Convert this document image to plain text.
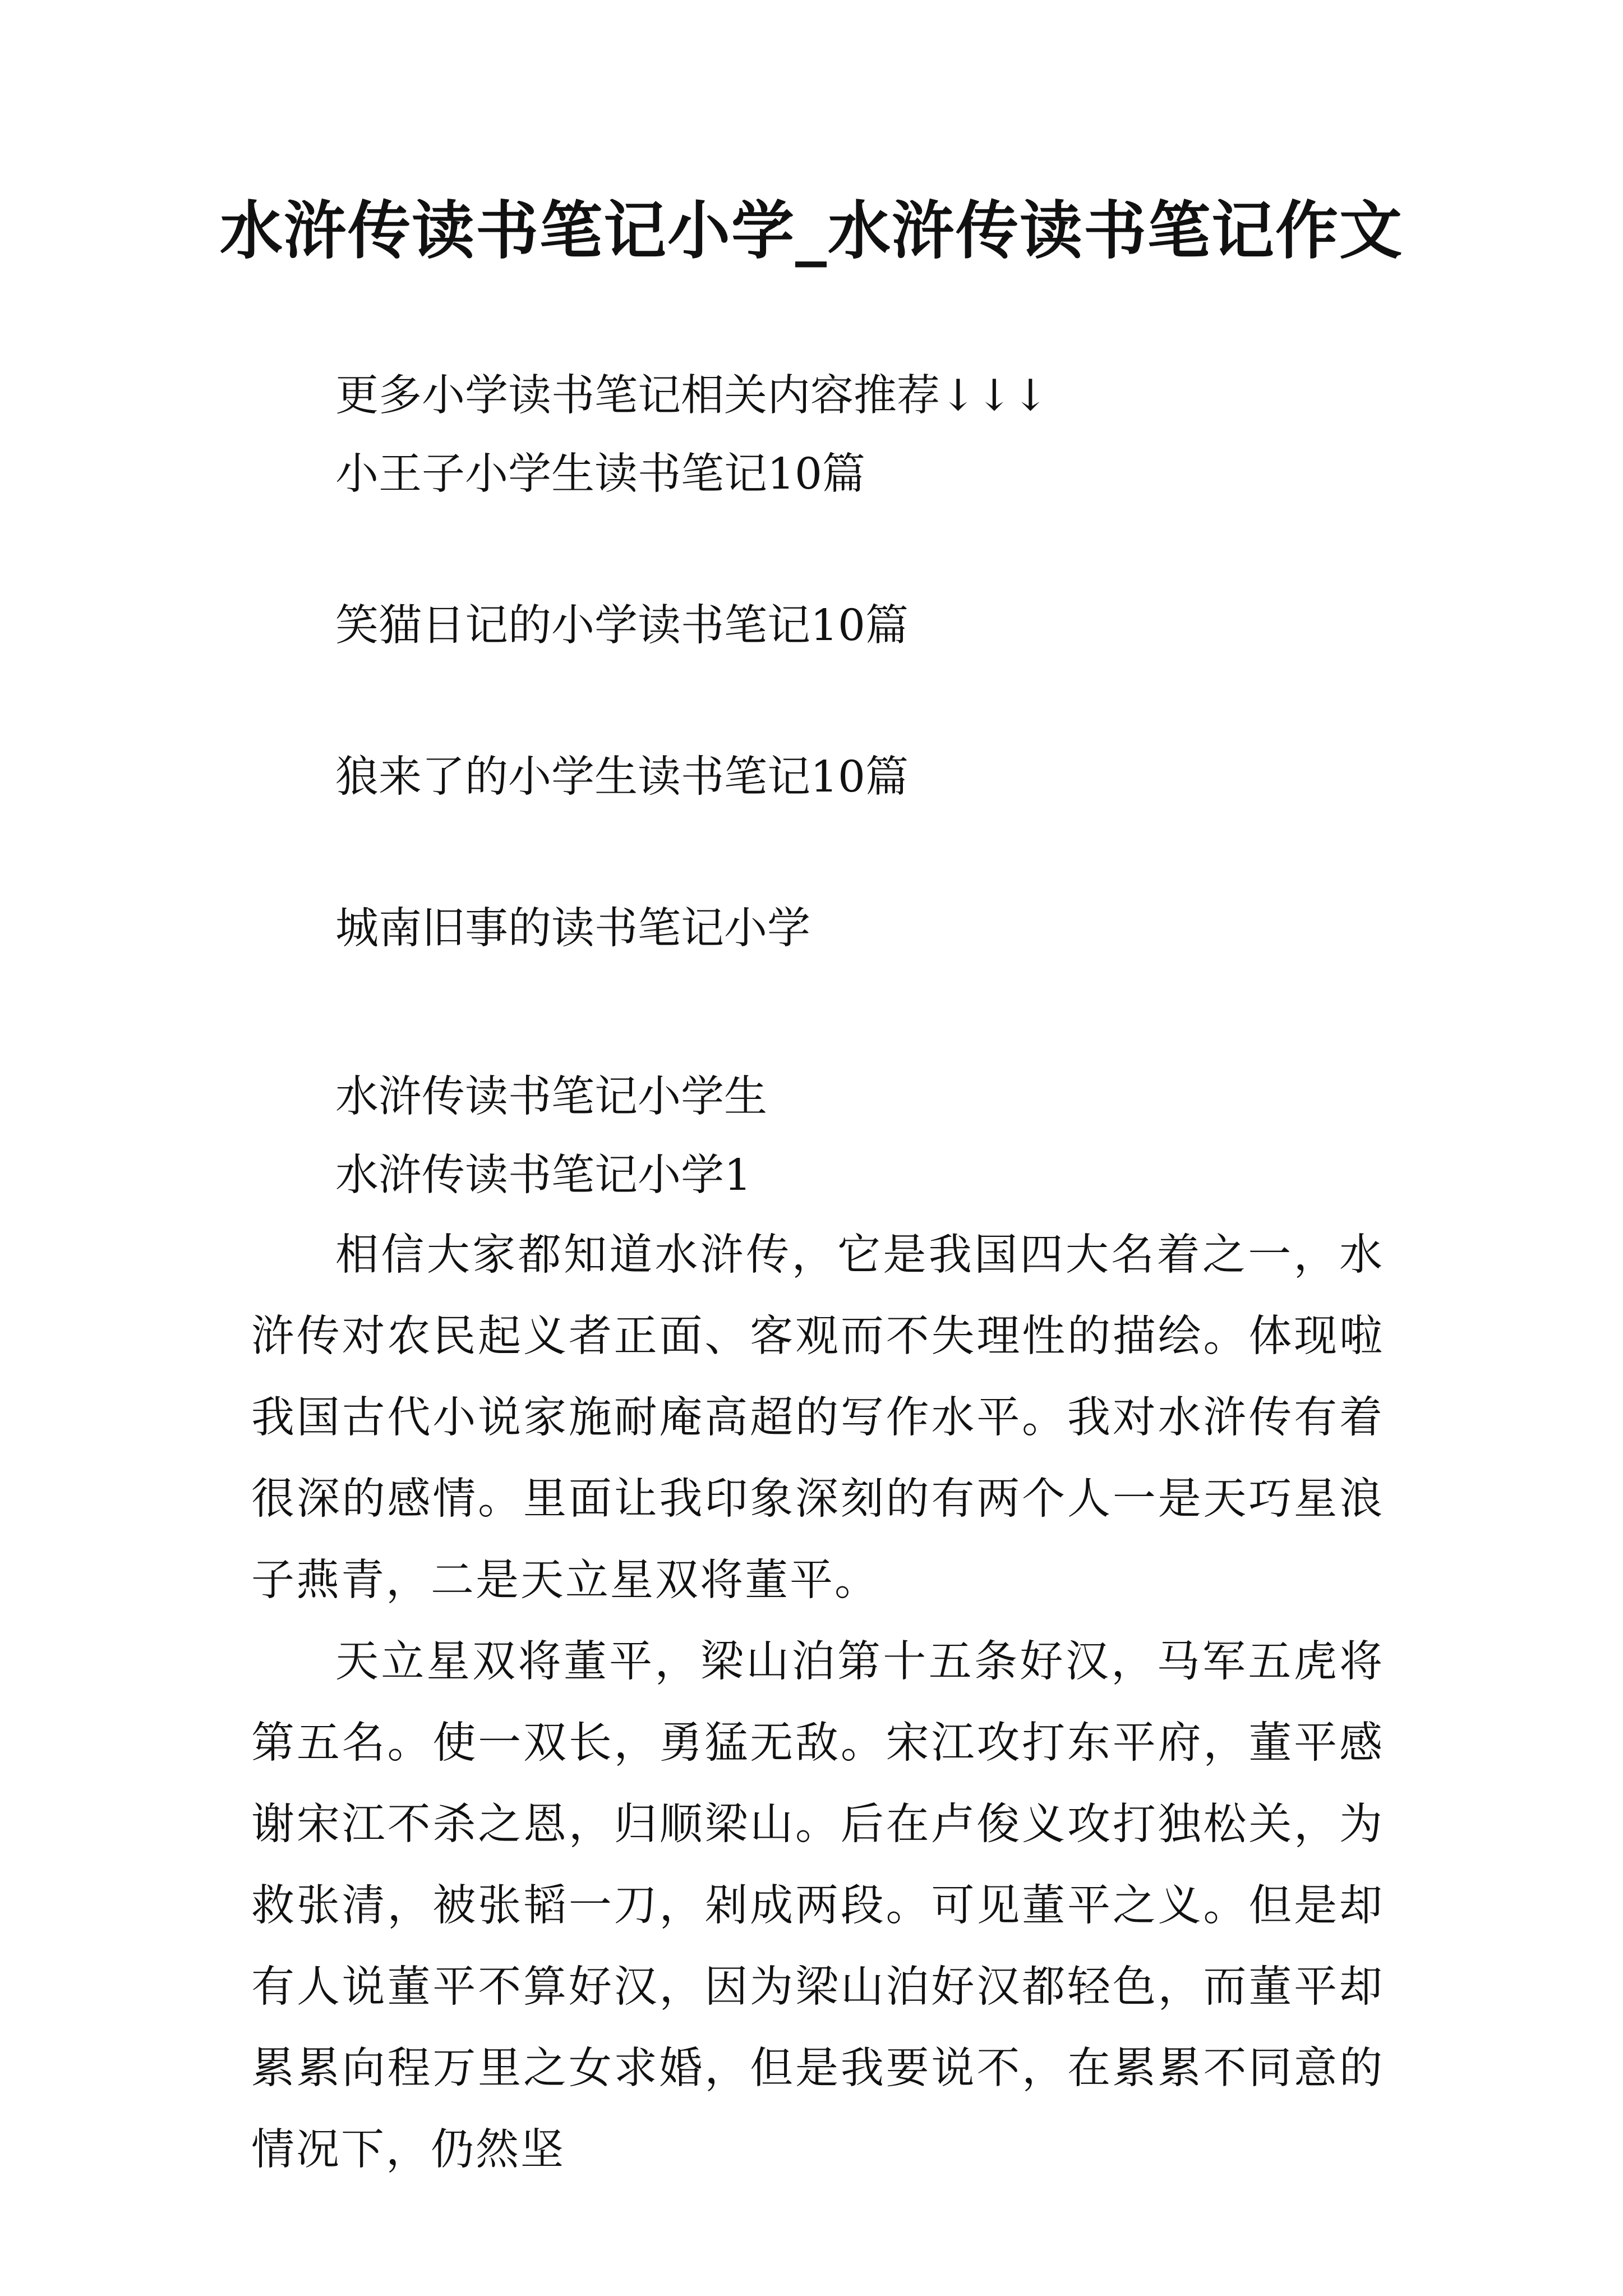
水浒传读书笔记小学_水浒传读书笔记作文
更多小学读书笔记相关内容推荐↓↓↓
小王子小学生读书笔记10篇
笑猫日记的小学读书笔记10篇
狼来了的小学生读书笔记10篇
城南旧事的读书笔记小学
水浒传读书笔记小学生
水浒传读书笔记小学1

相信大家都知道水浒传，它是我国四大名着之一，水浒传对农民起义者正面、客观而不失理性的描绘。体现啦我国古代小说家施耐庵高超的写作水平。我对水浒传有着很深的感情。里面让我印象深刻的有两个人一是天巧星浪子燕青，二是天立星双将董平。

天立星双将董平，梁山泊第十五条好汉，马军五虎将第五名。使一双长，勇猛无敌。宋江攻打东平府，董平感谢宋江不杀之恩，归顺梁山。后在卢俊义攻打独松关，为救张清，被张韬一刀，剁成两段。可见董平之义。但是却有人说董平不算好汉，因为梁山泊好汉都轻色，而董平却累累向程万里之女求婚，但是我要说不，在累累不同意的情况下，仍然坚
